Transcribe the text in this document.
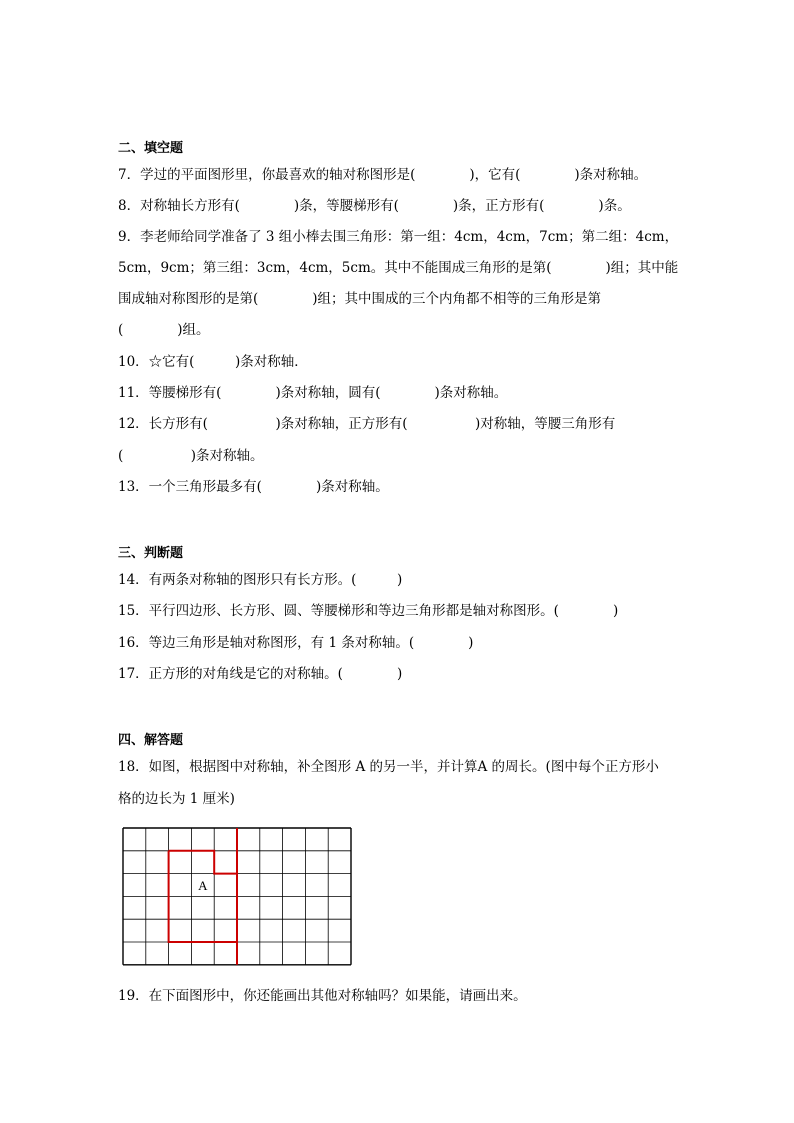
二、填空题
7．学过的平面图形里，你最喜欢的轴对称图形是(　　　　)，它有(　　　　)条对称轴。
8．对称轴长方形有(　　　　)条，等腰梯形有(　　　　)条，正方形有(　　　　)条。
9．李老师给同学准备了 3 组小棒去围三角形：第一组：4cm，4cm，7cm；第二组：4cm，
5cm，9cm；第三组：3cm，4cm，5cm。其中不能围成三角形的是第(　　　　)组；其中能
围成轴对称图形的是第(　　　　)组；其中围成的三个内角都不相等的三角形是第
(　　　　)组。
10．☆它有(　　　)条对称轴．
11．等腰梯形有(　　　　)条对称轴，圆有(　　　　)条对称轴。
12．长方形有(　　　　　)条对称轴，正方形有(　　　　　)对称轴，等腰三角形有
(　　　　　)条对称轴。
13．一个三角形最多有(　　　　)条对称轴。
三、判断题
14．有两条对称轴的图形只有长方形。(　　　)
15．平行四边形、长方形、圆、等腰梯形和等边三角形都是轴对称图形。(　　　　)
16．等边三角形是轴对称图形，有 1 条对称轴。(　　　　)
17．正方形的对角线是它的对称轴。(　　　　)
四、解答题
18．如图，根据图中对称轴，补全图形 A 的另一半，并计算A 的周长。(图中每个正方形小
格的边长为 1 厘米)
A
19．在下面图形中，你还能画出其他对称轴吗？如果能，请画出来。
